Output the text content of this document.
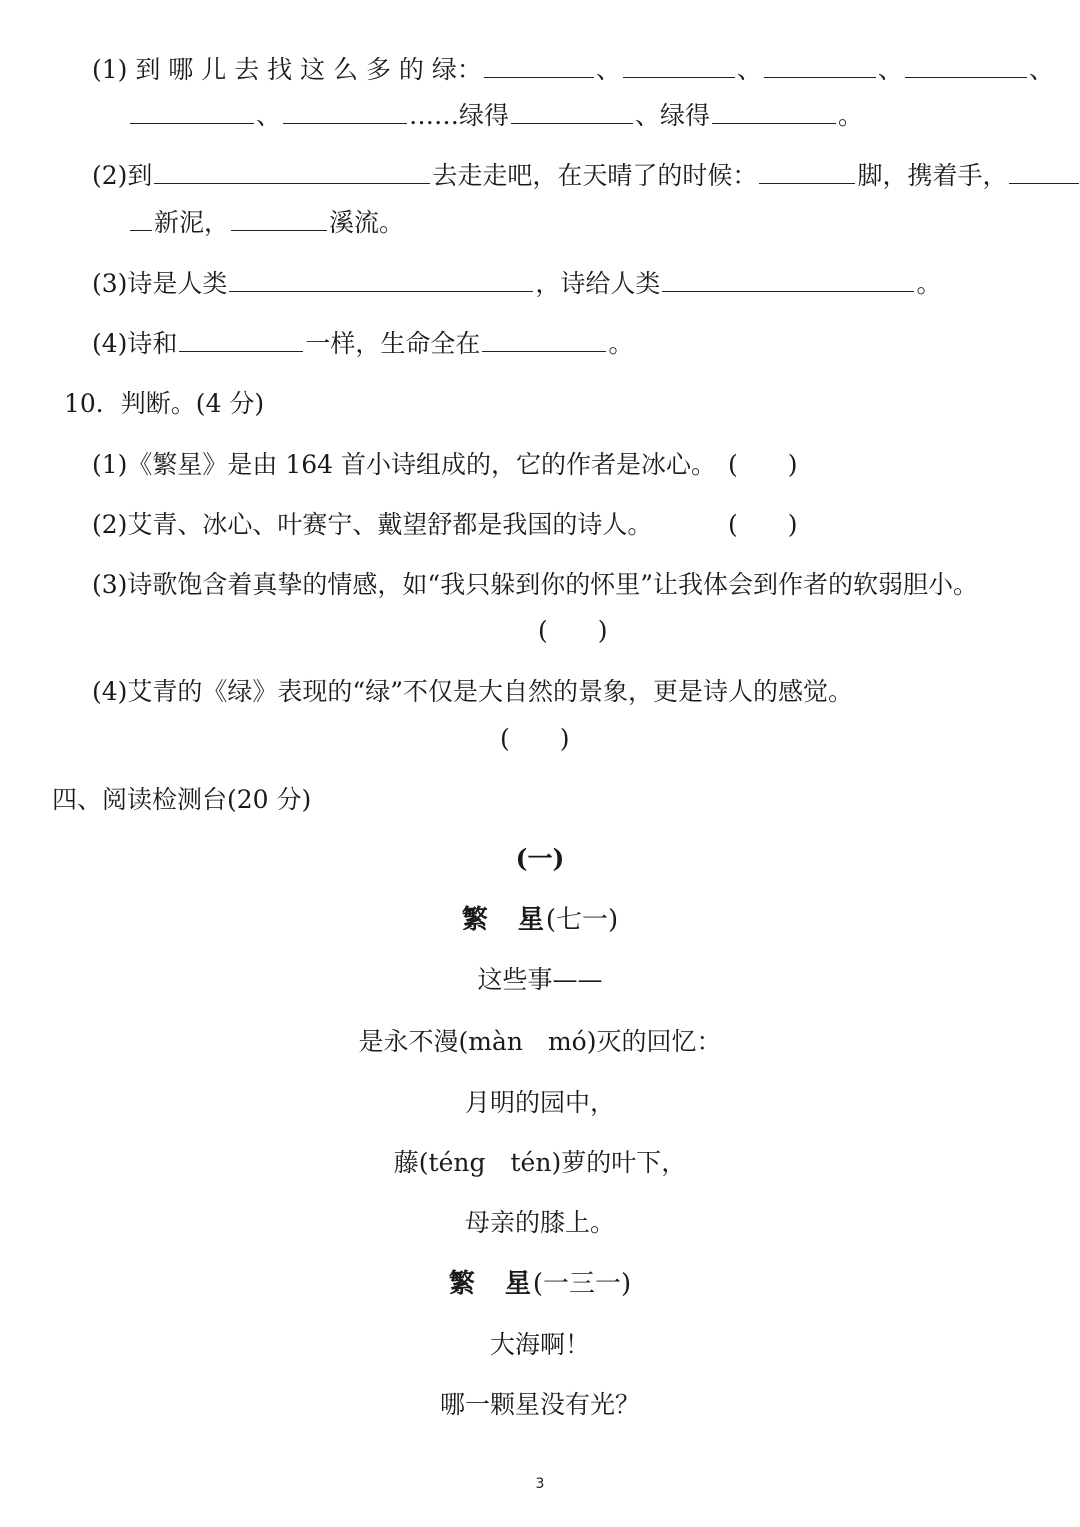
(1) 到 哪 儿 去 找 这 么 多 的 绿：	、	、	、	、
、	……绿得	、绿得	。
(2)到	去走走吧，在天晴了的时候：	脚，携着手，
新泥，	溪流。
(3)诗是人类	，诗给人类	。
(4)诗和	一样，生命全在	。
10．判断。(4 分)
(1)《繁星》是由 164 首小诗组成的，它的作者是冰心。 (　　)
(2)艾青、冰心、叶赛宁、戴望舒都是我国的诗人。	(　　)
(3)诗歌饱含着真挚的情感，如“我只躲到你的怀里”让我体会到作者的软弱胆小。
(　　)
(4)艾青的《绿》表现的“绿”不仅是大自然的景象，更是诗人的感觉。
(　　)
四、阅读检测台(20 分)
(一)
繁　星(七一)
这些事——
是永不漫(màn　mó)灭的回忆：
月明的园中，
藤(téng　tén)萝的叶下，
母亲的膝上。
繁　星(一三一)
大海啊！
哪一颗星没有光？
3
